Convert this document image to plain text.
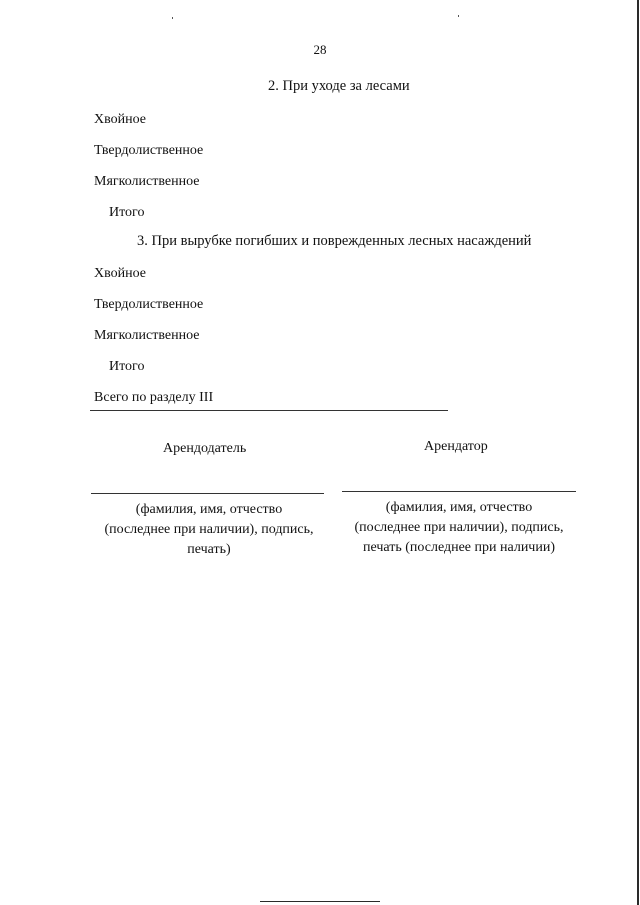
28
2. При уходе за лесами
Хвойное
Твердолиственное
Мягколиственное
Итого
3. При вырубке погибших и поврежденных лесных насаждений
Хвойное
Твердолиственное
Мягколиственное
Итого
Всего по разделу III
Арендодатель	Арендатор
(фамилия, имя, отчество
(последнее при наличии), подпись,
печать)
(фамилия, имя, отчество
(последнее при наличии), подпись,
печать (последнее при наличии)
